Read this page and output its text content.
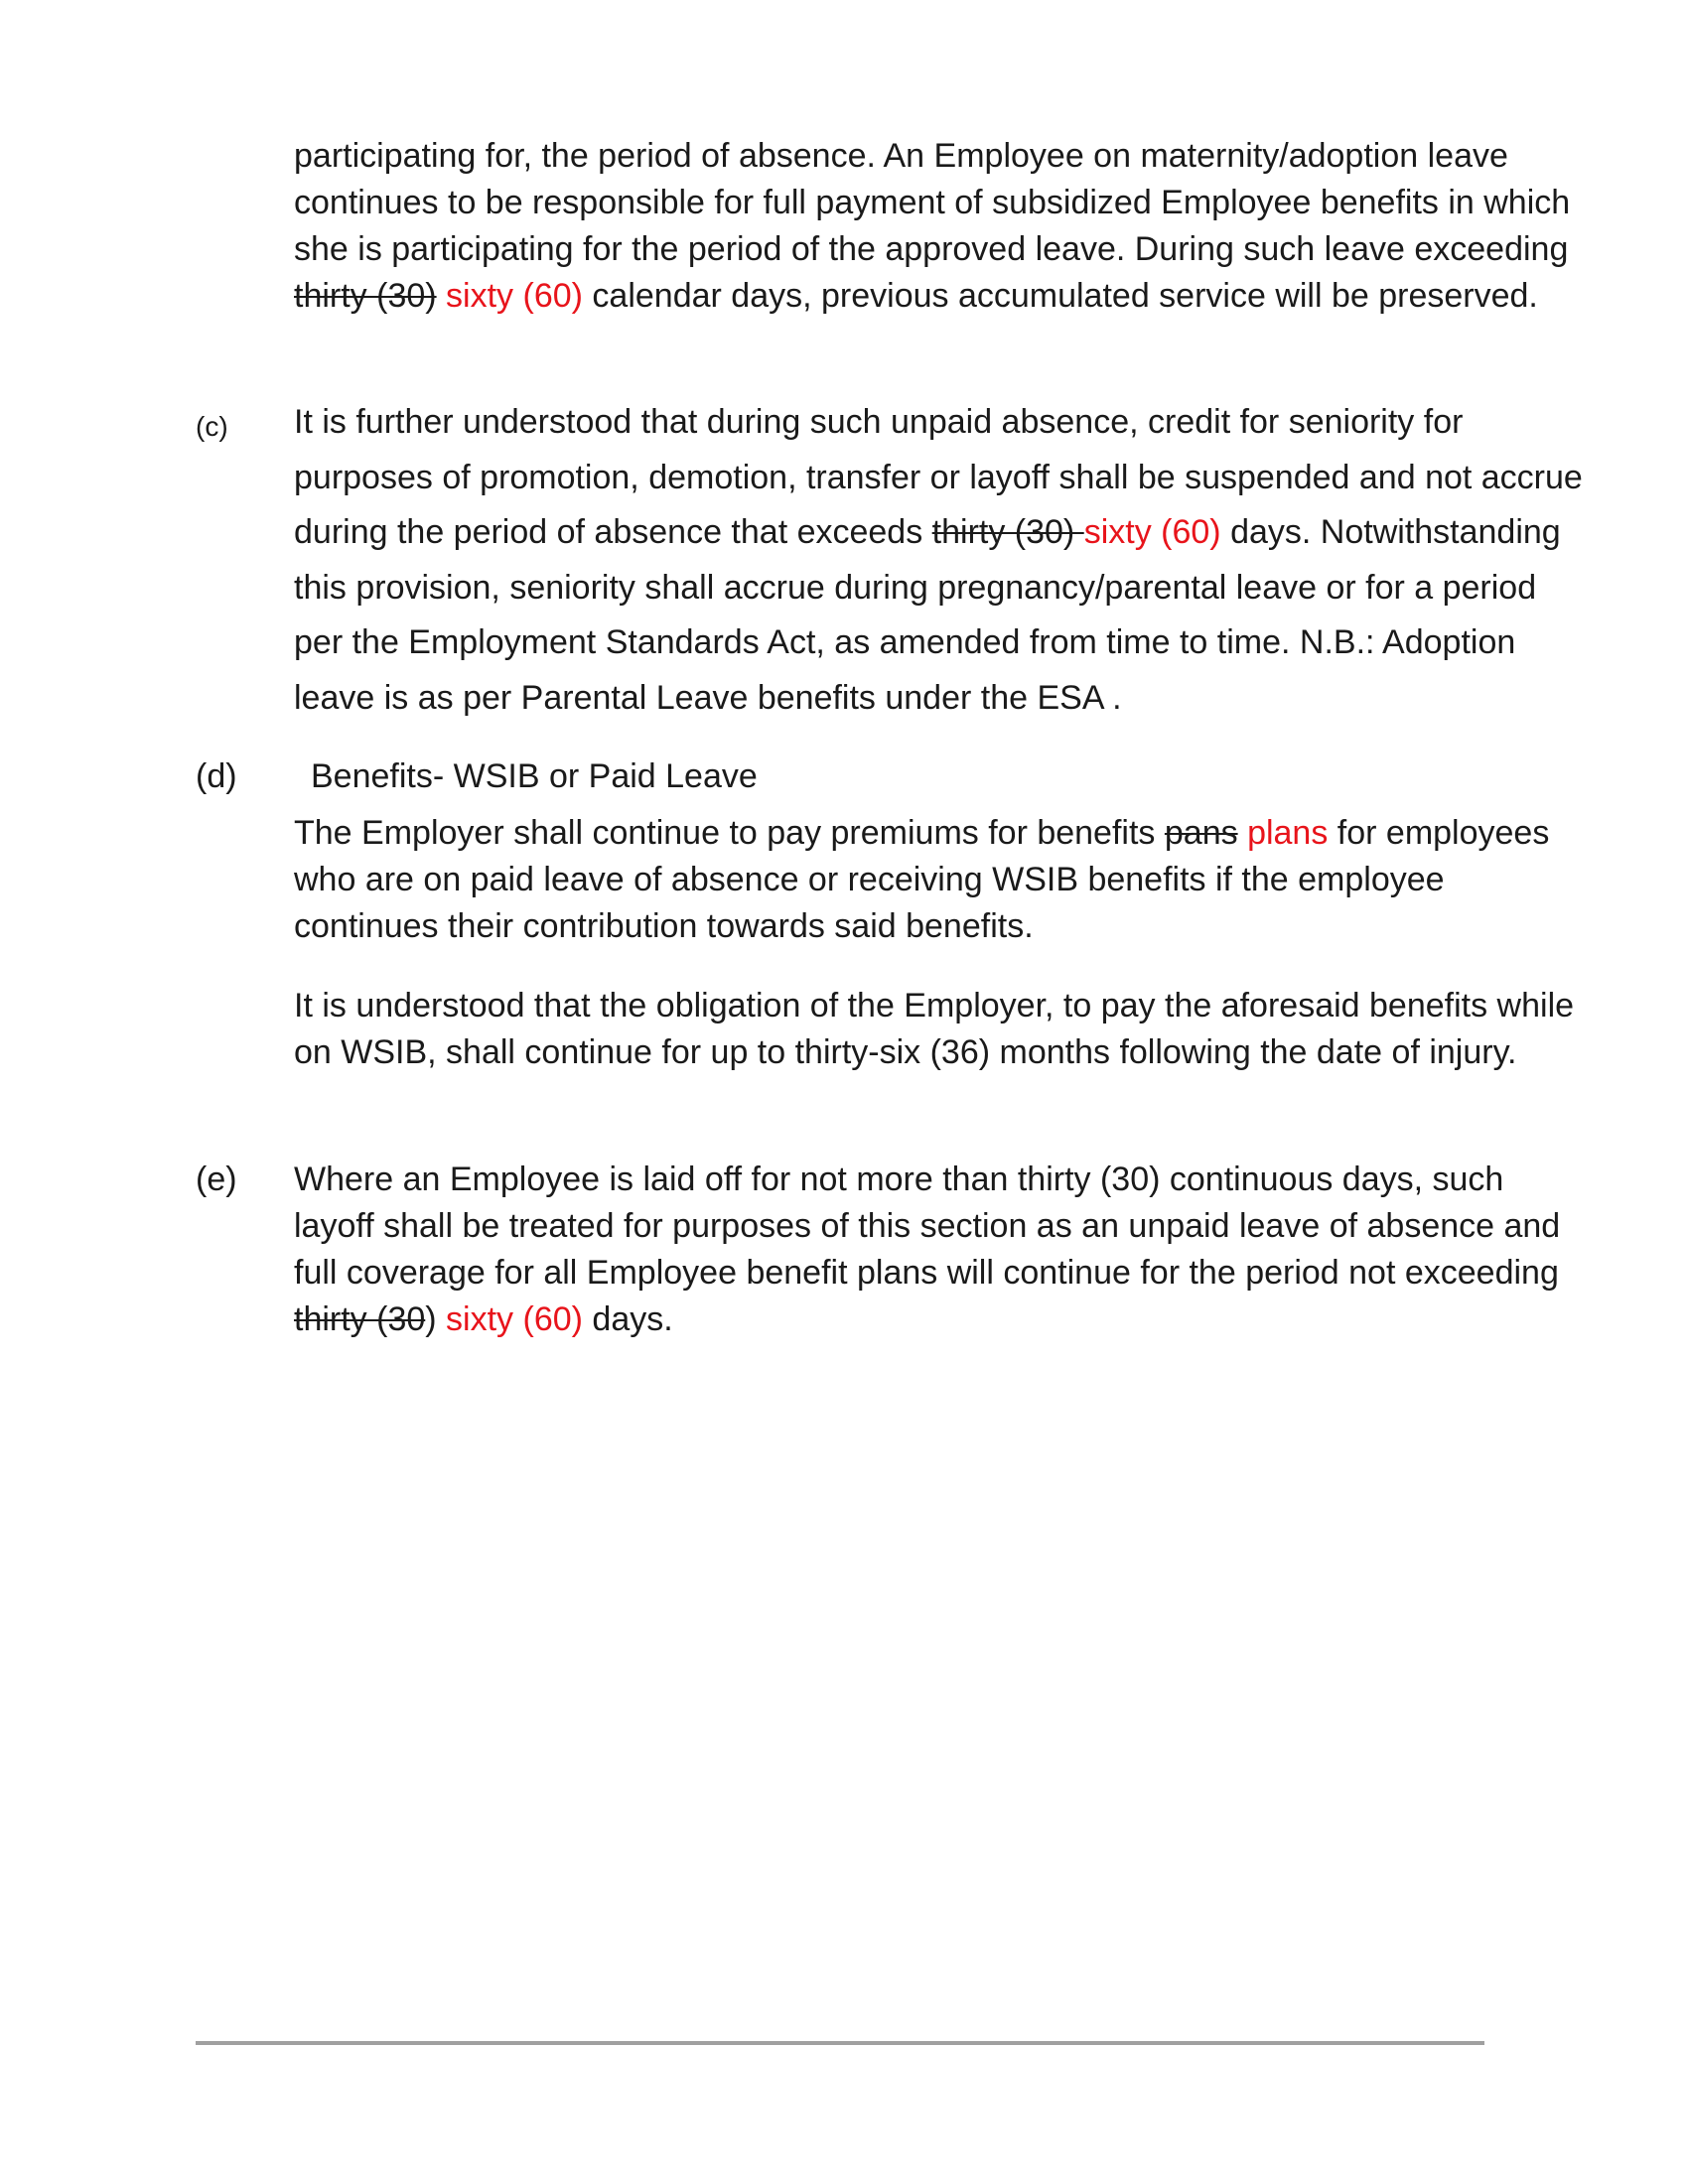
participating for, the period of absence. An Employee on maternity/adoption leave continues to be responsible for full payment of subsidized Employee benefits in which she is participating for the period of the approved leave. During such leave exceeding thirty (30) sixty (60) calendar days, previous accumulated service will be preserved.

(c) It is further understood that during such unpaid absence, credit for seniority for purposes of promotion, demotion, transfer or layoff shall be suspended and not accrue during the period of absence that exceeds thirty (30) sixty (60) days. Notwithstanding this provision, seniority shall accrue during pregnancy/parental leave or for a period per the Employment Standards Act, as amended from time to time. N.B.: Adoption leave is as per Parental Leave benefits under the ESA .

(d) Benefits- WSIB or Paid Leave

The Employer shall continue to pay premiums for benefits pans plans for employees who are on paid leave of absence or receiving WSIB benefits if the employee continues their contribution towards said benefits.

It is understood that the obligation of the Employer, to pay the aforesaid benefits while on WSIB, shall continue for up to thirty-six (36) months following the date of injury.

(e) Where an Employee is laid off for not more than thirty (30) continuous days, such layoff shall be treated for purposes of this section as an unpaid leave of absence and full coverage for all Employee benefit plans will continue for the period not exceeding thirty (30) sixty (60) days.
